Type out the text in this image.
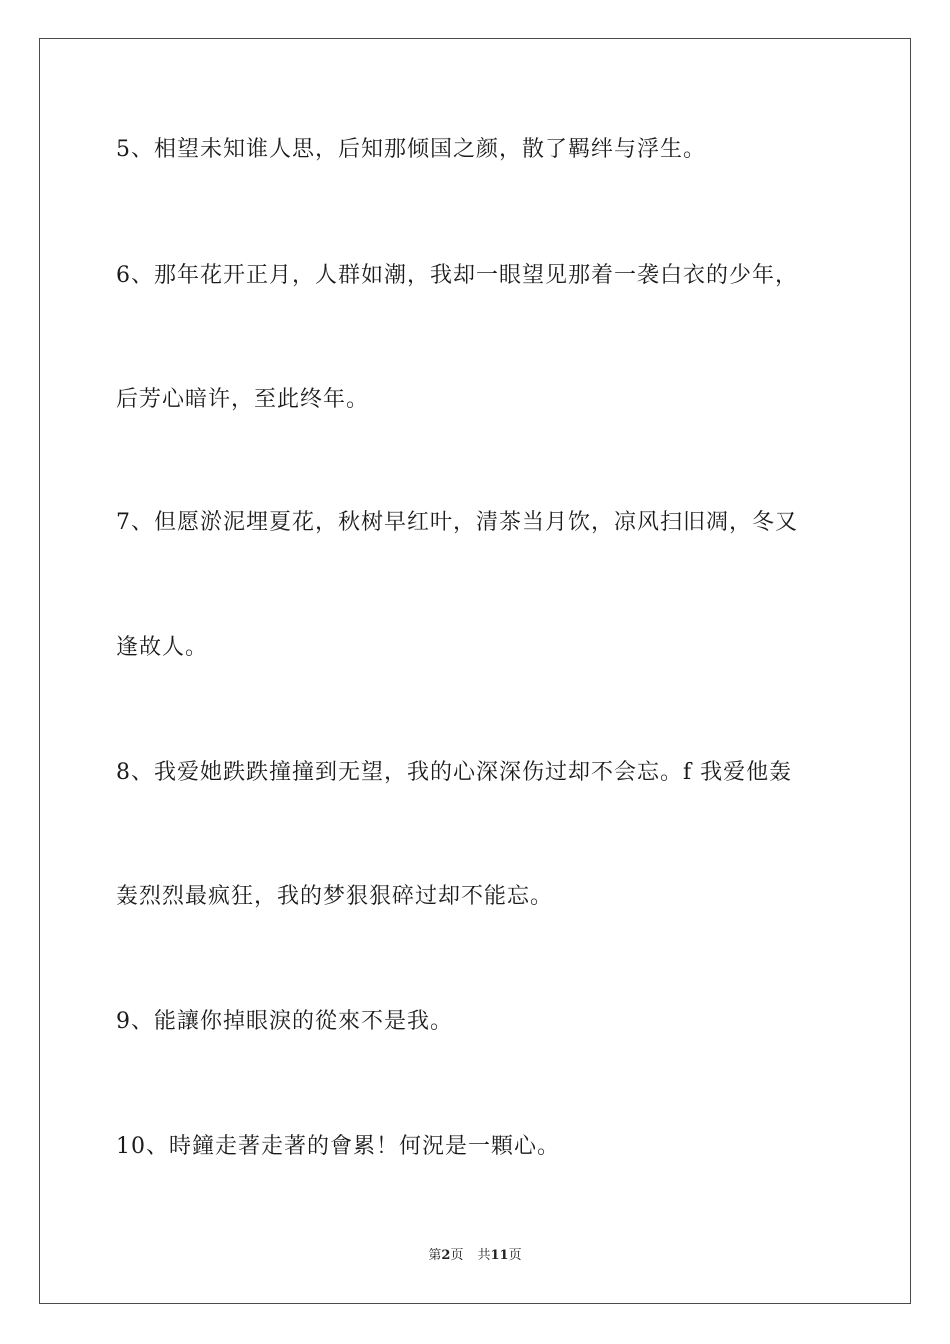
5、相望未知谁人思，后知那倾国之颜，散了羁绊与浮生。
6、那年花开正月，人群如潮，我却一眼望见那着一袭白衣的少年，
后芳心暗许，至此终年。
7、但愿淤泥埋夏花，秋树早红叶，清茶当月饮，凉风扫旧凋，冬又
逢故人。
8、我爱她跌跌撞撞到无望，我的心深深伤过却不会忘。f 我爱他轰
轰烈烈最疯狂，我的梦狠狠碎过却不能忘。
9、能讓你掉眼淚的從來不是我。
10、時鐘走著走著的會累！何況是一顆心。
第2页 共11页
